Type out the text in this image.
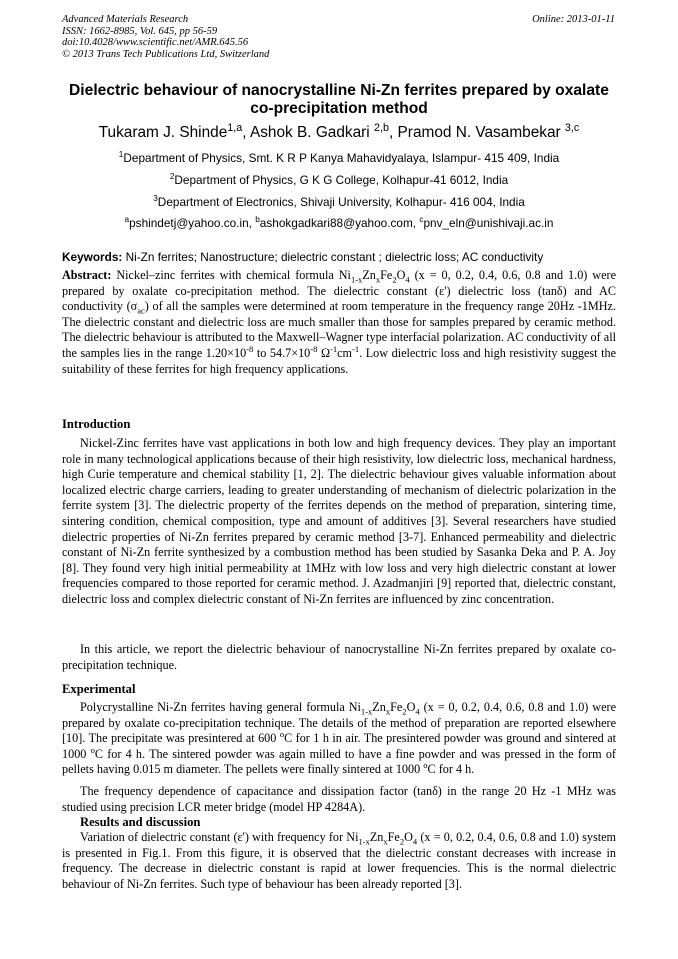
Advanced Materials Research
ISSN: 1662-8985, Vol. 645, pp 56-59
doi:10.4028/www.scientific.net/AMR.645.56
© 2013 Trans Tech Publications Ltd, Switzerland
Online: 2013-01-11
Dielectric behaviour of nanocrystalline Ni-Zn ferrites prepared by oxalate co-precipitation method
Tukaram J. Shinde$^{1,a}$, Ashok B. Gadkari $^{2,b}$, Pramod N. Vasambekar $^{3,c}$
$^1$Department of Physics, Smt. K R P Kanya Mahavidyalaya, Islampur- 415 409, India
$^2$Department of Physics, G K G College, Kolhapur-41 6012, India
$^3$Department of Electronics, Shivaji University, Kolhapur- 416 004, India
$^a$pshindetj@yahoo.co.in, $^b$ashokgadkari88@yahoo.com, $^c$pnv_eln@unishivaji.ac.in
Keywords: Ni-Zn ferrites; Nanostructure; dielectric constant ; dielectric loss; AC conductivity
Abstract: Nickel–zinc ferrites with chemical formula $Ni_{1-x}Zn_xFe_2O_4$ (x = 0, 0.2, 0.4, 0.6, 0.8 and 1.0) were prepared by oxalate co-precipitation method. The dielectric constant (ε') dielectric loss (tanδ) and AC conductivity $(\sigma_{ac})$ of all the samples were determined at room temperature in the frequency range 20Hz -1MHz. The dielectric constant and dielectric loss are much smaller than those for samples prepared by ceramic method. The dielectric behaviour is attributed to the Maxwell–Wagner type interfacial polarization. AC conductivity of all the samples lies in the range $1.20\times 10^{-8}$ to $54.7\times 10^{-8}$ $\Omega^{-1}cm^{-1}$. Low dielectric loss and high resistivity suggest the suitability of these ferrites for high frequency applications.
Introduction
Nickel-Zinc ferrites have vast applications in both low and high frequency devices. They play an important role in many technological applications because of their high resistivity, low dielectric loss, mechanical hardness, high Curie temperature and chemical stability [1, 2]. The dielectric behaviour gives valuable information about localized electric charge carriers, leading to greater understanding of mechanism of dielectric polarization in the ferrite system [3]. The dielectric property of the ferrites depends on the method of preparation, sintering time, sintering condition, chemical composition, type and amount of additives [3]. Several researchers have studied dielectric properties of Ni-Zn ferrites prepared by ceramic method [3-7]. Enhanced permeability and dielectric constant of Ni-Zn ferrite synthesized by a combustion method has been studied by Sasanka Deka and P. A. Joy [8]. They found very high initial permeability at 1MHz with low loss and very high dielectric constant at lower frequencies compared to those reported for ceramic method. J. Azadmanjiri [9] reported that, dielectric constant, dielectric loss and complex dielectric constant of Ni-Zn ferrites are influenced by zinc concentration.
In this article, we report the dielectric behaviour of nanocrystalline Ni-Zn ferrites prepared by oxalate co-precipitation technique.
Experimental
Polycrystalline Ni-Zn ferrites having general formula $Ni_{1-x}Zn_xFe_2O_4$ (x = 0, 0.2, 0.4, 0.6, 0.8 and 1.0) were prepared by oxalate co-precipitation technique. The details of the method of preparation are reported elsewhere [10]. The precipitate was presintered at 600 $^o$C for 1 h in air. The presintered powder was ground and sintered at 1000 $^o$C for 4 h. The sintered powder was again milled to have a fine powder and was pressed in the form of pellets having 0.015 m diameter. The pellets were finally sintered at 1000 $^o$C for 4 h.
The frequency dependence of capacitance and dissipation factor (tanδ) in the range 20 Hz -1 MHz was studied using precision LCR meter bridge (model HP 4284A).
Results and discussion
Variation of dielectric constant (ε') with frequency for $Ni_{1-x}Zn_xFe_2O_4$ (x = 0, 0.2, 0.4, 0.6, 0.8 and 1.0) system is presented in Fig.1. From this figure, it is observed that the dielectric constant decreases with increase in frequency. The decrease in dielectric constant is rapid at lower frequencies. This is the normal dielectric behaviour of Ni-Zn ferrites. Such type of behaviour has been already reported [3].
